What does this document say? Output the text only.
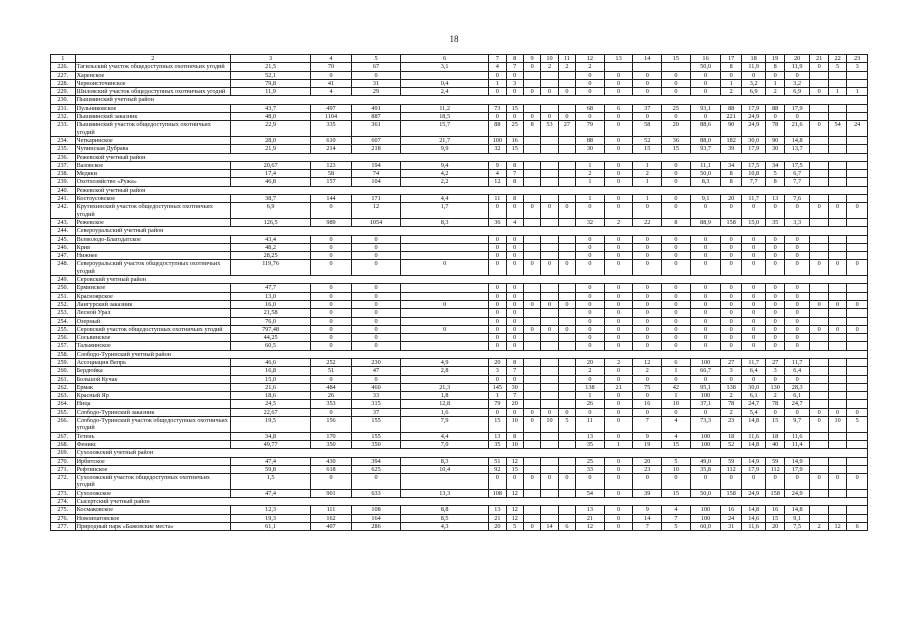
18
1	2	3	4	5	6	7	8	9	10	11	12	13	14	15	16	17	18	19	20	21	22	23
226.	Тагильский участок общедоступных охотничьих угодий	21,5	70	67	3,1	4	7	0	2	2	2				50,0	8	11,9	8	11,9	0	5	3
227.	Харенское	52,1	0	0		0	0				0	0	0	0	0	0	0	0	0			
228.	Черноисточинское	79,8	41	31	0,4	1	3				0	0	0	0	0	1	3,2	1	3,2			
229.	Шиловский участок общедоступных охотничьих угодий	11,9	4	29	2,4	0	0	0	0	0	0	0	0	0	0	2	6,9	2	6,9	0	1	1
230.	Пышминский учетный район																					
231.	Пульниковское	43,7	497	491	11,2	73	15				68	6	37	25	93,1	88	17,9	88	17,9			
232.	Пышминский заказник	48,0	1104	887	18,5	0	0	0	0	0	0	0	0	0	0	221	24,9	0	0			
233.	Пышминский участок общедоступных охотничьих угодий	22,9	335	361	15,7	88	25	8	53	27	79	0	58	20	88,6	90	24,9	78	21,6	0	54	24
234.	Четкаринское	28,0	610	607	21,7	100	16				88	0	52	36	88,0	182	30,0	90	14,8			
235.	Чупинская Дубрава	21,9	214	218	9,9	32	15				30	0	15	15	93,7	39	17,9	30	13,7			
236.	Режевской учетный район																					
237.	Вазовское	20,67	123	194	9,4	9	8				1	0	1	0	11,1	34	17,5	34	17,5			
238.	Медяки	17,4	58	74	4,2	4	7				2	0	2	0	50,0	8	10,8	5	6,7			
239.	Охотхозяйство «Ружа»	46,8	157	104	2,2	12	8				1	0	1	0	8,3	8	7,7	8	7,7			
240.	Режевской учетный район																					
241.	Костоусовское	38,7	144	171	4,4	11	8				1	0	1	0	9,1	20	11,7	13	7,6			
242.	Крутихинский участок общедоступных охотничьих угодий	6,9	0	12	1,7	0	0	0	0	0	0	0	0	0	0	0	0	0	0	0	0	0
243.	Режевское	126,5	989	1054	8,3	36	4				32	2	22	8	88,9	158	15,0	35	3,3			
244.	Североуральский учетный район																					
245.	Всеволодо-Благодатское	43,4	0	0		0	0				0	0	0	0	0	0	0	0	0			
246.	Крив	48,2	0	0		0	0				0	0	0	0	0	0	0	0	0			
247.	Нижнее	28,25	0	0		0	0				0	0	0	0	0	0	0	0	0			
248.	Североуральский участок общедоступных охотничьих угодий	119,76	0	0	0	0	0	0	0	0	0	0	0	0	0	0	0	0	0	0	0	0
249.	Серовский учетный район																					
250.	Ерминское	47,7	0	0		0	0				0	0	0	0	0	0	0	0	0			
251.	Красноярское	13,0	0	0		0	0				0	0	0	0	0	0	0	0	0			
252.	Лангурский заказник	16,0	0	0	0	0	0	0	0	0	0	0	0	0	0	0	0	0	0	0	0	0
253.	Лесной Урал	21,58	0	0		0	0				0	0	0	0	0	0	0	0	0			
254.	Озерный	76,0	0	0		0	0				0	0	0	0	0	0	0	0	0			
255.	Серовский участок общедоступных охотничьих угодий	797,48	0	0	0	0	0	0	0	0	0	0	0	0	0	0	0	0	0	0	0	0
256.	Сосьвинское	44,25	0	0		0	0				0	0	0	0	0	0	0	0	0			
257.	Тальминское	60,5	0	0		0	0				0	0	0	0	0	0	0	0	0			
258.	Слободо-Туринский учетный район																					
259.	Ассоциация Вепрь	46,6	252	230	4,9	20	8				20	2	12	6	100	27	11,7	27	11,7			
260.	Бердюйка	16,8	51	47	2,8	3	7				2	0	2	1	66,7	3	6,4	3	6,4			
261.	Большой Кучак	15,0	0	0		0	0				0	0	0	0	0	0	0	0	0			
262.	Ермак	21,6	484	460	21,3	145	30				138	21	75	42	95,1	138	30,0	130	28,3			
263.	Красный Яр	18,6	26	33	1,8	1	7				1	0	0	1	100	2	6,1	2	6,1			
264.	Ница	24,5	353	315	12,8	79	20				26	0	16	10	37,1	78	24,7	78	24,7			
265.	Слободо-Туринский заказник	22,67	0	37	1,6	0	0	0	0	0	0	0	0	0	0	2	5,4	0	0	0	0	0
266.	Слободо-Туринский участок общедоступных охотничьих угодий	19,5	156	155	7,9	15	10	0	10	5	11	0	7	4	73,3	23	14,8	15	9,7	0	10	5
267.	Тетень	34,8	170	155	4,4	13	8				13	0	9	4	100	18	11,6	18	11,6			
268.	Феникс	49,77	350	350	7,0	35	10				35	1	19	15	100	52	14,8	40	11,4			
269.	Сухоложский учетный район																					
270.	Ирбитское	47,4	430	394	8,3	51	12				25	0	20	5	49,0	59	14,9	59	14,9			
271.	Рефтинское	59,8	618	625	10,4	92	15				33	0	23	10	35,8	112	17,9	112	17,9			
272.	Сухоложский участок общедоступных охотничьих угодий	1,5	0	0		0	0	0	0	0	0	0	0	0	0	0	0	0	0	0	0	0
273.	Сухоложское	47,4	901	633	13,3	108	12				54	0	39	15	50,0	158	24,9	158	24,9			
274.	Сысертский учетный район																					
275.	Космаковское	12,3	111	108	8,8	13	12				13	0	9	4	100	16	14,8	16	14,8			
276.	Новоипатовское	19,3	162	164	8,5	21	12				21	0	14	7	100	24	14,6	15	9,1			
277.	Природный парк «Бажовские места»	61,1	407	286	4,3	20	5	0	14	6	12	0	7	5	60,0	31	11,6	20	7,5	2	12	6
